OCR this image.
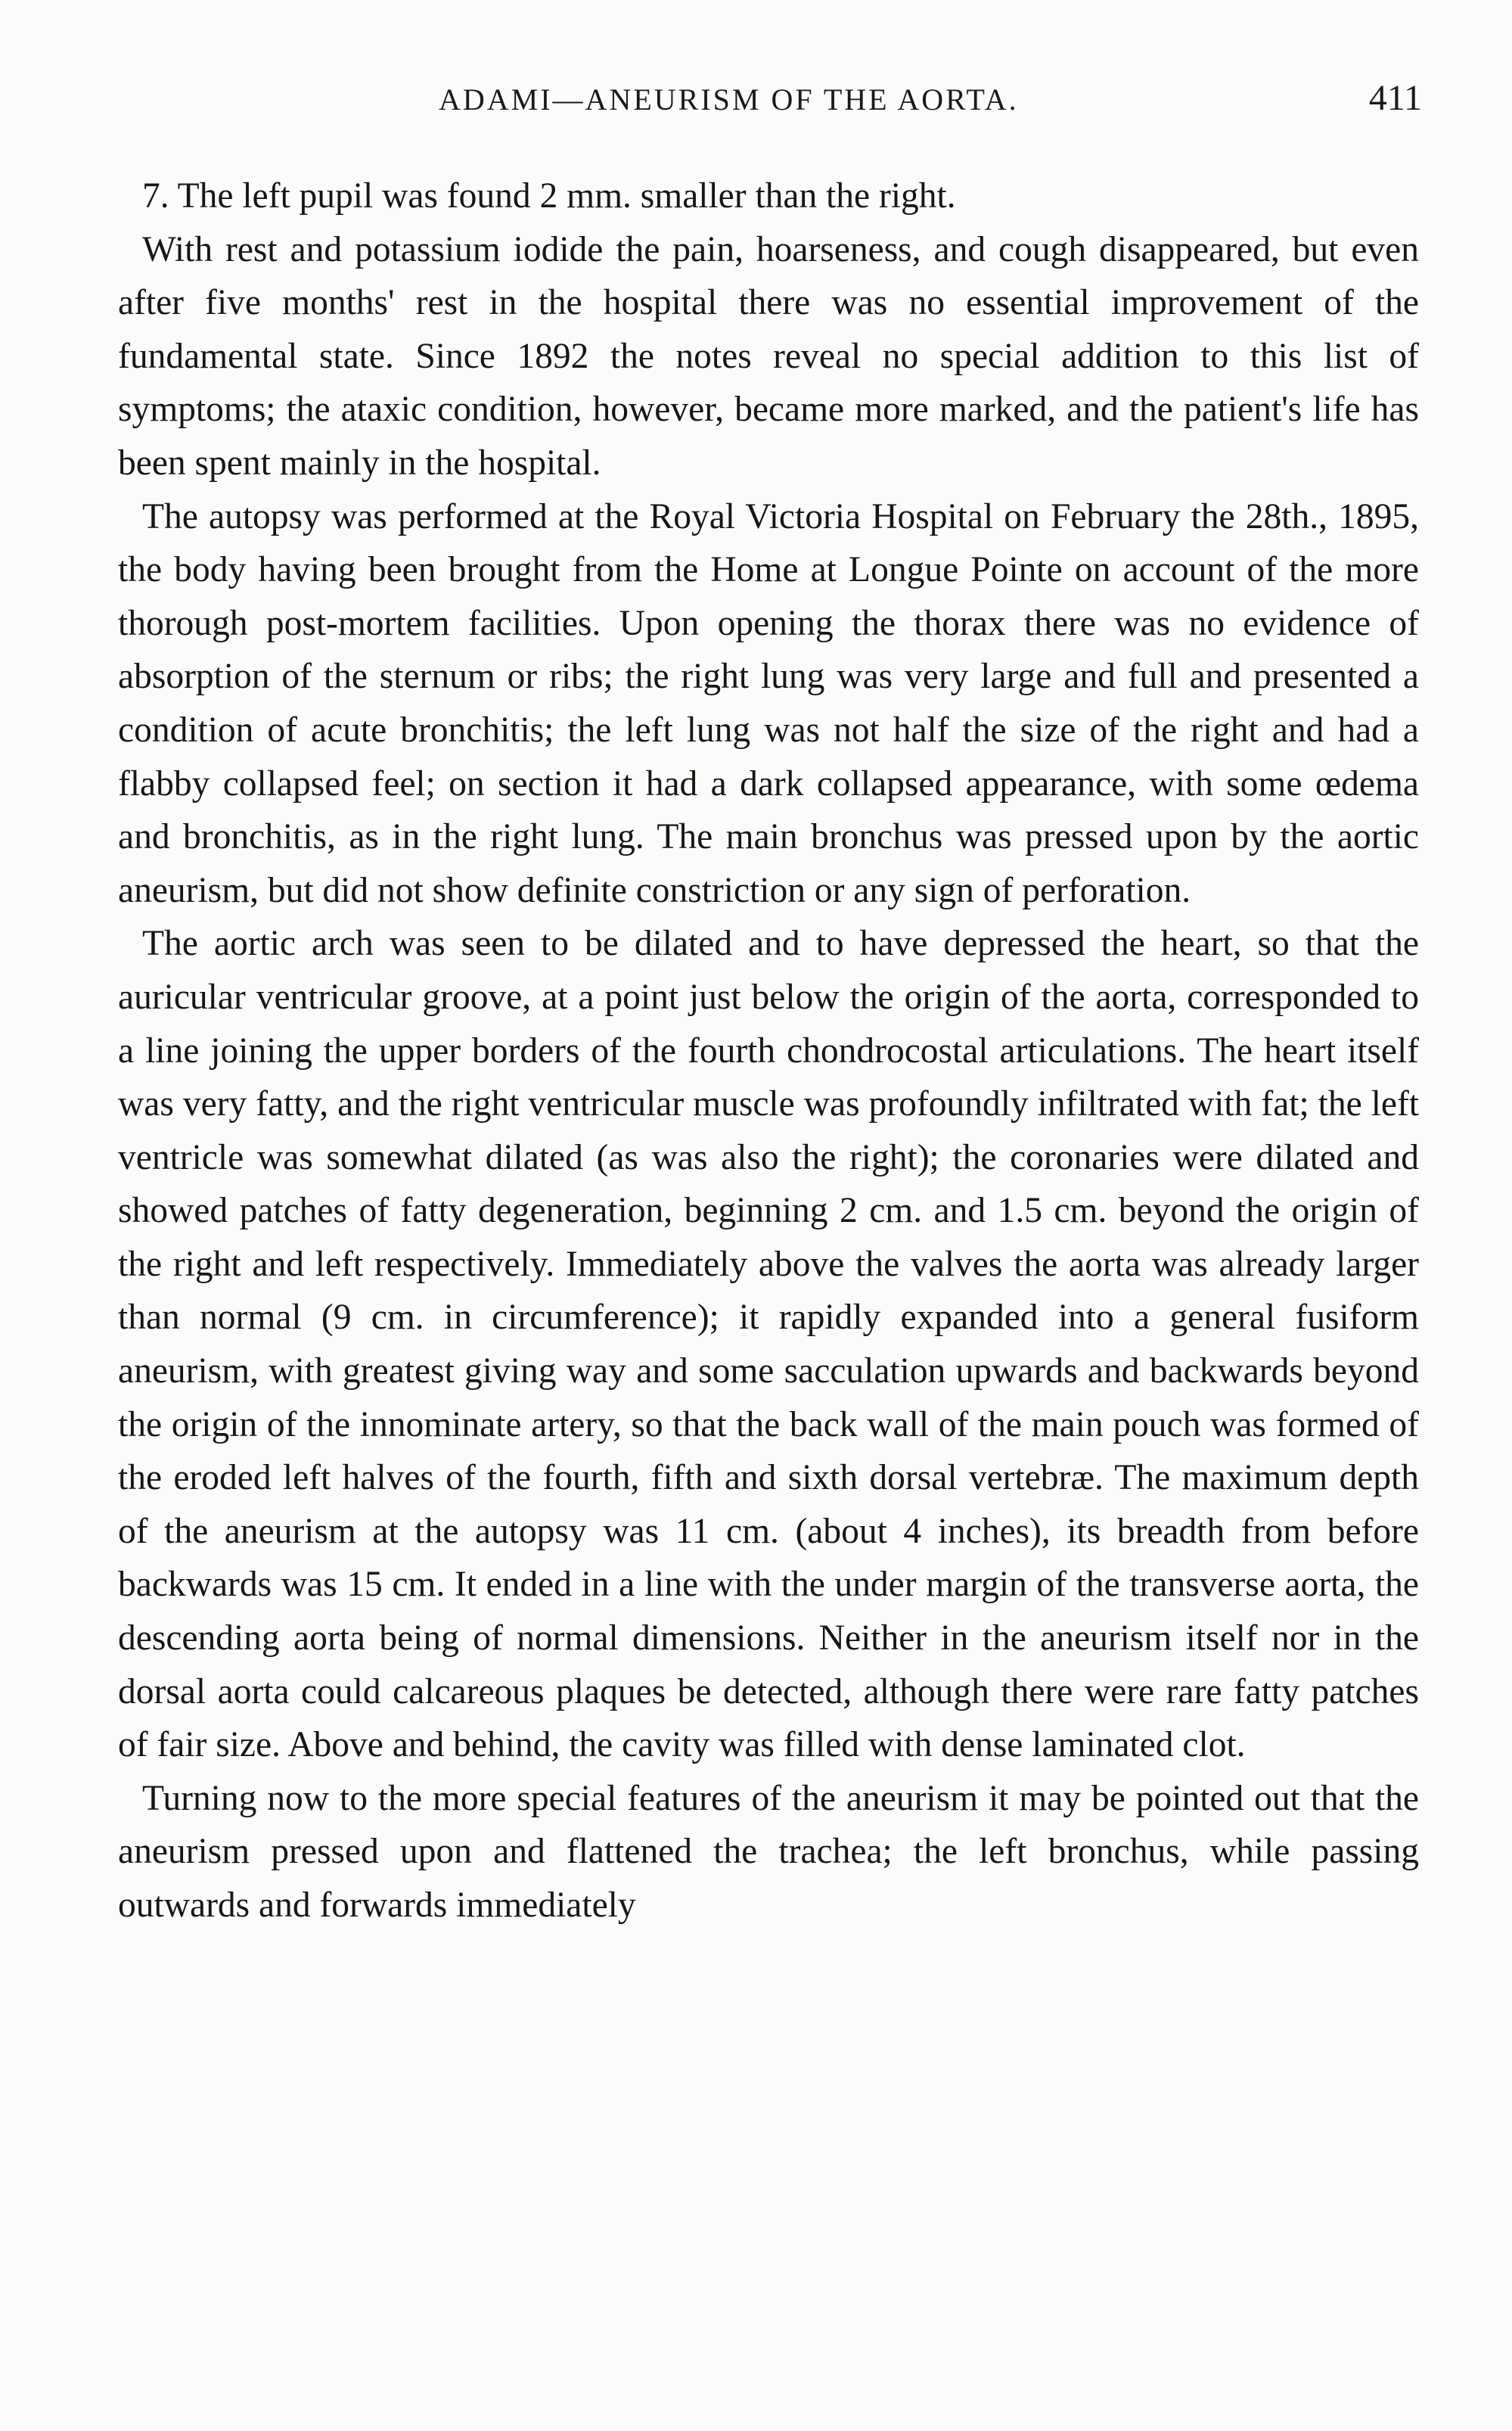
ADAMI—ANEURISM OF THE AORTA.	411

7. The left pupil was found 2 mm. smaller than the right.

With rest and potassium iodide the pain, hoarseness, and cough disappeared, but even after five months' rest in the hospital there was no essential improvement of the fundamental state. Since 1892 the notes reveal no special addition to this list of symptoms; the ataxic condition, however, became more marked, and the patient's life has been spent mainly in the hospital.

The autopsy was performed at the Royal Victoria Hospital on February the 28th., 1895, the body having been brought from the Home at Longue Pointe on account of the more thorough post-mortem facilities. Upon opening the thorax there was no evidence of absorption of the sternum or ribs; the right lung was very large and full and presented a condition of acute bronchitis; the left lung was not half the size of the right and had a flabby collapsed feel; on section it had a dark collapsed appearance, with some œdema and bronchitis, as in the right lung. The main bronchus was pressed upon by the aortic aneurism, but did not show definite constriction or any sign of perforation.

The aortic arch was seen to be dilated and to have depressed the heart, so that the auricular ventricular groove, at a point just below the origin of the aorta, corresponded to a line joining the upper borders of the fourth chondrocostal articulations. The heart itself was very fatty, and the right ventricular muscle was profoundly infiltrated with fat; the left ventricle was somewhat dilated (as was also the right); the coronaries were dilated and showed patches of fatty degeneration, beginning 2 cm. and 1.5 cm. beyond the origin of the right and left respectively. Immediately above the valves the aorta was already larger than normal (9 cm. in circumference); it rapidly expanded into a general fusiform aneurism, with greatest giving way and some sacculation upwards and backwards beyond the origin of the innominate artery, so that the back wall of the main pouch was formed of the eroded left halves of the fourth, fifth and sixth dorsal vertebræ. The maximum depth of the aneurism at the autopsy was 11 cm. (about 4 inches), its breadth from before backwards was 15 cm. It ended in a line with the under margin of the transverse aorta, the descending aorta being of normal dimensions. Neither in the aneurism itself nor in the dorsal aorta could calcareous plaques be detected, although there were rare fatty patches of fair size. Above and behind, the cavity was filled with dense laminated clot.

Turning now to the more special features of the aneurism it may be pointed out that the aneurism pressed upon and flattened the trachea; the left bronchus, while passing outwards and forwards immediately
